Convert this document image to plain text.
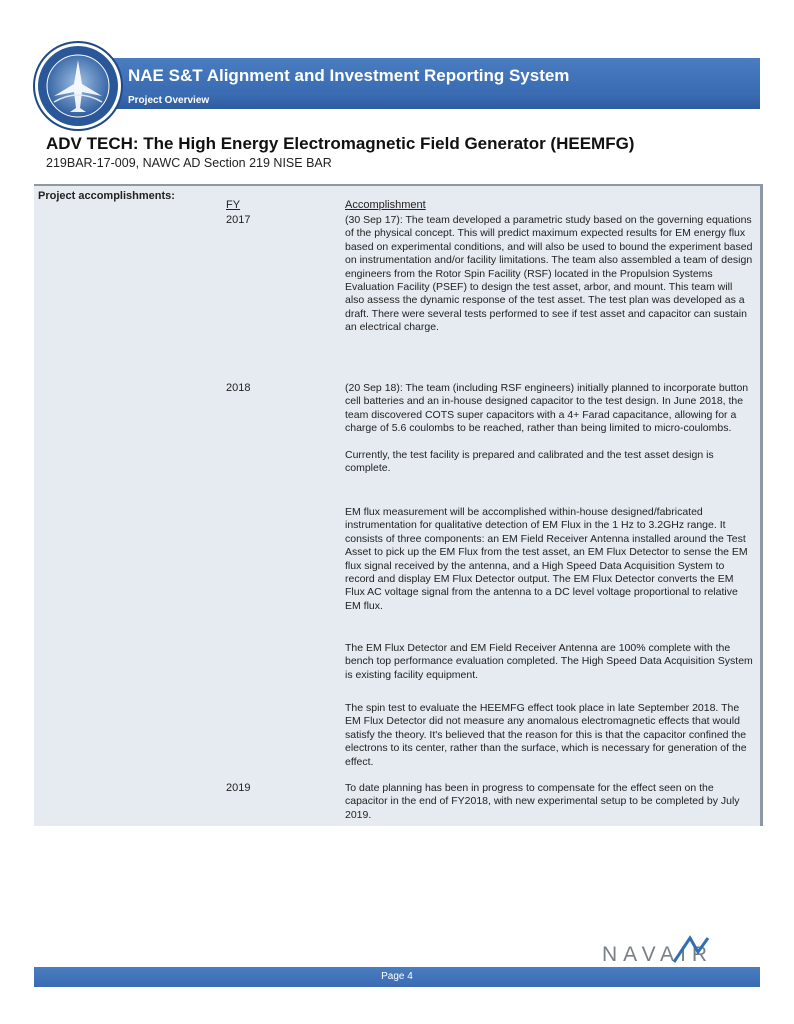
NAE S&T Alignment and Investment Reporting System
Project Overview
ADV TECH: The High Energy Electromagnetic Field Generator (HEEMFG)
219BAR-17-009, NAWC AD Section 219 NISE BAR
Project accomplishments:
FY	Accomplishment
2017	(30 Sep 17): The team developed a parametric study based on the governing equations of the physical concept. This will predict maximum expected results for EM energy flux based on experimental conditions, and will also be used to bound the experiment based on instrumentation and/or facility limitations. The team also assembled a team of design engineers from the Rotor Spin Facility (RSF) located in the Propulsion Systems Evaluation Facility (PSEF) to design the test asset, arbor, and mount. This team will also assess the dynamic response of the test asset. The test plan was developed as a draft. There were several tests performed to see if test asset and capacitor can sustain an electrical charge.

2018	(20 Sep 18): The team (including RSF engineers) initially planned to incorporate button cell batteries and an in-house designed capacitor to the test design. In June 2018, the team discovered COTS super capacitors with a 4+ Farad capacitance, allowing for a charge of 5.6 coulombs to be reached, rather than being limited to micro-coulombs.

Currently, the test facility is prepared and calibrated and the test asset design is complete.

EM flux measurement will be accomplished within-house designed/fabricated instrumentation for qualitative detection of EM Flux in the 1 Hz to 3.2GHz range. It consists of three components: an EM Field Receiver Antenna installed around the Test Asset to pick up the EM Flux from the test asset, an EM Flux Detector to sense the EM flux signal received by the antenna, and a High Speed Data Acquisition System to record and display EM Flux Detector output. The EM Flux Detector converts the EM Flux AC voltage signal from the antenna to a DC level voltage proportional to relative EM flux.

The EM Flux Detector and EM Field Receiver Antenna are 100% complete with the bench top performance evaluation completed. The High Speed Data Acquisition System is existing facility equipment.

The spin test to evaluate the HEEMFG effect took place in late September 2018. The EM Flux Detector did not measure any anomalous electromagnetic effects that would satisfy the theory. It's believed that the reason for this is that the capacitor confined the electrons to its center, rather than the surface, which is necessary for generation of the effect.

2019	To date planning has been in progress to compensate for the effect seen on the capacitor in the end of FY2018, with new experimental setup to be completed by July 2019.

NAVAIR
Page 4
